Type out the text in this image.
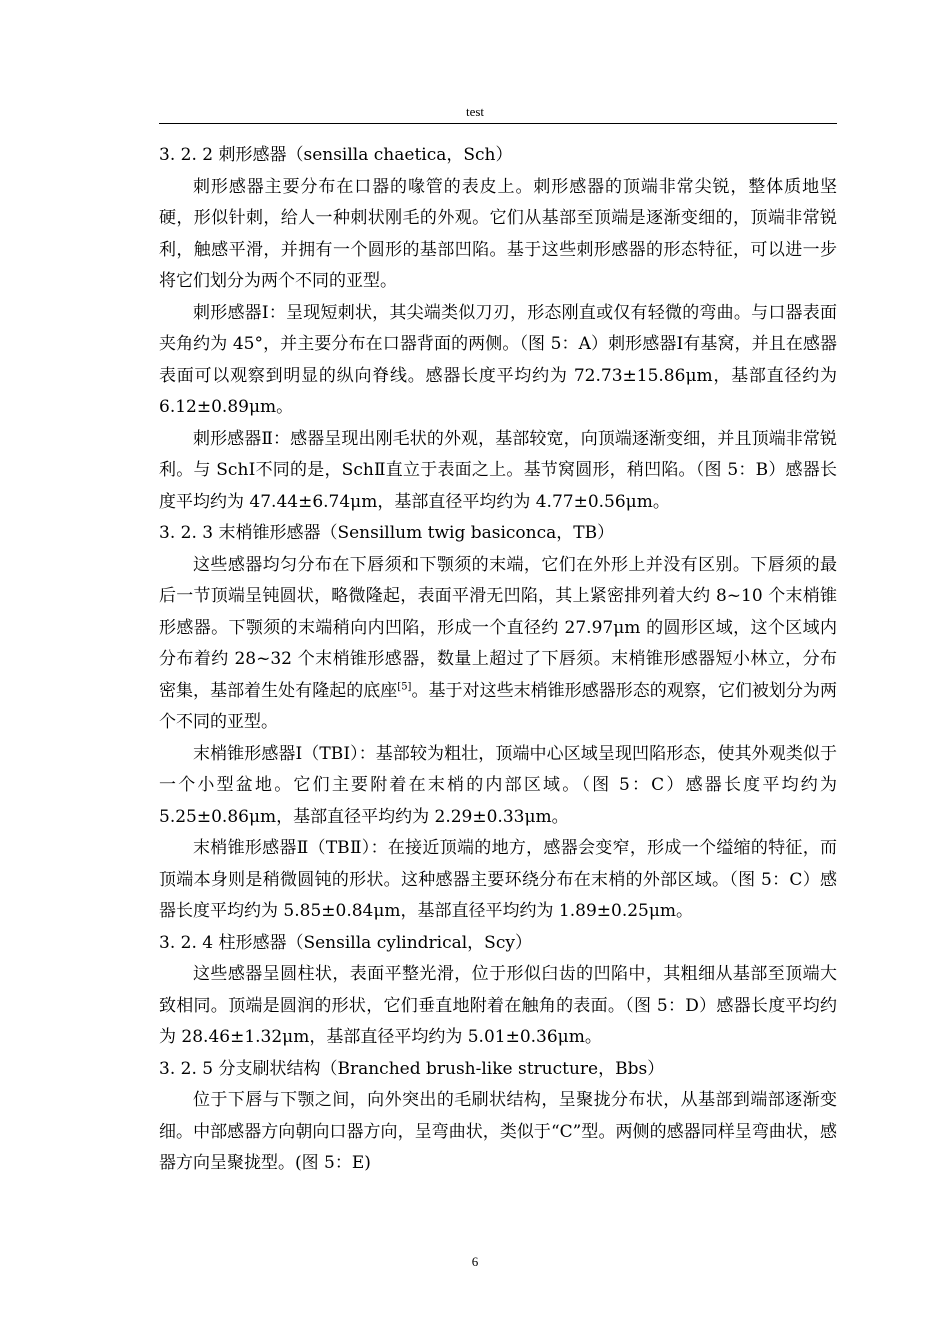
test

3. 2. 2 刺形感器（sensilla chaetica，Sch）

刺形感器主要分布在口器的喙管的表皮上。刺形感器的顶端非常尖锐，整体质地坚硬，形似针刺，给人一种刺状刚毛的外观。它们从基部至顶端是逐渐变细的，顶端非常锐利，触感平滑，并拥有一个圆形的基部凹陷。基于这些刺形感器的形态特征，可以进一步将它们划分为两个不同的亚型。

刺形感器Ⅰ：呈现短刺状，其尖端类似刀刃，形态刚直或仅有轻微的弯曲。与口器表面夹角约为 45°，并主要分布在口器背面的两侧。（图 5：A）刺形感器Ⅰ有基窝，并且在感器表面可以观察到明显的纵向脊线。感器长度平均约为 72.73±15.86μm，基部直径约为 6.12±0.89μm。

刺形感器Ⅱ：感器呈现出刚毛状的外观，基部较宽，向顶端逐渐变细，并且顶端非常锐利。与 SchⅠ不同的是，SchⅡ直立于表面之上。基节窝圆形，稍凹陷。（图 5：B）感器长度平均约为 47.44±6.74μm，基部直径平均约为 4.77±0.56μm。

3. 2. 3 末梢锥形感器（Sensillum twig basiconca，TB）

这些感器均匀分布在下唇须和下颚须的末端，它们在外形上并没有区别。下唇须的最后一节顶端呈钝圆状，略微隆起，表面平滑无凹陷，其上紧密排列着大约 8~10 个末梢锥形感器。下颚须的末端稍向内凹陷，形成一个直径约 27.97μm 的圆形区域，这个区域内分布着约 28~32 个末梢锥形感器，数量上超过了下唇须。末梢锥形感器短小林立，分布密集，基部着生处有隆起的底座[5]。基于对这些末梢锥形感器形态的观察，它们被划分为两个不同的亚型。

末梢锥形感器Ⅰ（TBⅠ）：基部较为粗壮，顶端中心区域呈现凹陷形态，使其外观类似于一个小型盆地。它们主要附着在末梢的内部区域。（图 5：C）感器长度平均约为 5.25±0.86μm，基部直径平均约为 2.29±0.33μm。

末梢锥形感器Ⅱ（TBⅡ）：在接近顶端的地方，感器会变窄，形成一个缢缩的特征，而顶端本身则是稍微圆钝的形状。这种感器主要环绕分布在末梢的外部区域。（图 5：C）感器长度平均约为 5.85±0.84μm，基部直径平均约为 1.89±0.25μm。

3. 2. 4 柱形感器（Sensilla cylindrical，Scy）

这些感器呈圆柱状，表面平整光滑，位于形似臼齿的凹陷中，其粗细从基部至顶端大致相同。顶端是圆润的形状，它们垂直地附着在触角的表面。（图 5：D）感器长度平均约为 28.46±1.32μm，基部直径平均约为 5.01±0.36μm。

3. 2. 5 分支刷状结构（Branched brush-like structure，Bbs）

位于下唇与下颚之间，向外突出的毛刷状结构，呈聚拢分布状，从基部到端部逐渐变细。中部感器方向朝向口器方向，呈弯曲状，类似于“C”型。两侧的感器同样呈弯曲状，感器方向呈聚拢型。(图 5：E)

6
